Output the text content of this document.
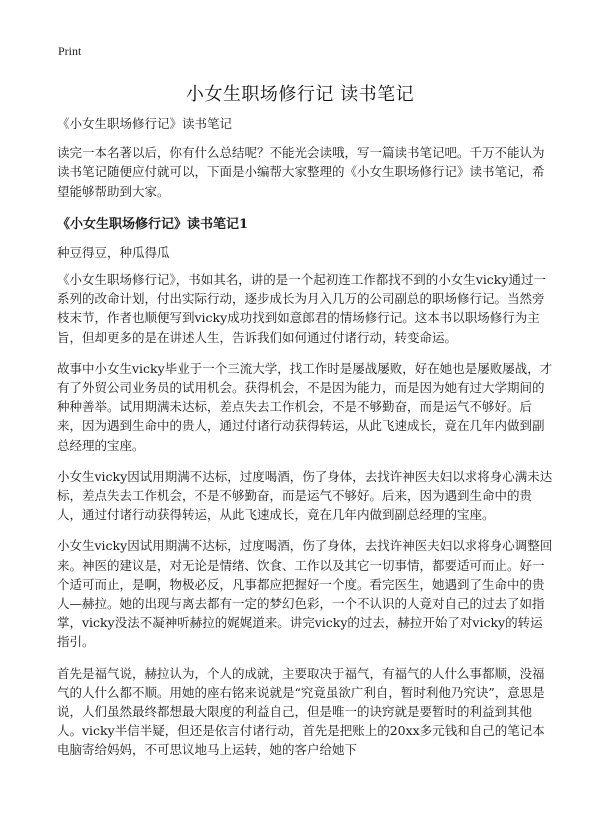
Print
小女生职场修行记 读书笔记

《小女生职场修行记》读书笔记

读完一本名著以后，你有什么总结呢？不能光会读哦，写一篇读书笔记吧。千万不能认为读书笔记随便应付就可以，下面是小编帮大家整理的《小女生职场修行记》读书笔记，希望能够帮助到大家。

《小女生职场修行记》读书笔记1

种豆得豆，种瓜得瓜

《小女生职场修行记》，书如其名，讲的是一个起初连工作都找不到的小女生vicky通过一系列的改命计划，付出实际行动，逐步成长为月入几万的公司副总的职场修行记。当然旁枝末节，作者也顺便写到vicky成功找到如意郎君的情场修行记。这本书以职场修行为主旨，但却更多的是在讲述人生，告诉我们如何通过付诸行动，转变命运。

故事中小女生vicky毕业于一个三流大学，找工作时是屡战屡败，好在她也是屡败屡战，才有了外贸公司业务员的试用机会。获得机会，不是因为能力，而是因为她有过大学期间的种种善举。试用期满未达标，差点失去工作机会，不是不够勤奋，而是运气不够好。后来，因为遇到生命中的贵人，通过付诸行动获得转运，从此飞速成长，竟在几年内做到副总经理的宝座。

小女生vicky因试用期满不达标，过度喝酒，伤了身体，去找许神医夫妇以求将身心满未达标，差点失去工作机会，不是不够勤奋，而是运气不够好。后来，因为遇到生命中的贵人，通过付诸行动获得转运，从此飞速成长，竟在几年内做到副总经理的宝座。

小女生vicky因试用期满不达标，过度喝酒，伤了身体，去找许神医夫妇以求将身心调整回来。神医的建议是，对无论是情绪、饮食、工作以及其它一切事情，都要适可而止。好一个适可而止，是啊，物极必反，凡事都应把握好一个度。看完医生，她遇到了生命中的贵人—赫拉。她的出现与离去都有一定的梦幻色彩，一个不认识的人竟对自己的过去了如指掌，vicky没法不凝神听赫拉的娓娓道来。讲完vicky的过去，赫拉开始了对vicky的转运指引。

首先是福气说，赫拉认为，个人的成就，主要取决于福气，有福气的人什么事都顺，没福气的人什么都不顺。用她的座右铭来说就是“究竟虽欲广利自，暂时利他乃究诀”，意思是说，人们虽然最终都想最大限度的利益自己，但是唯一的诀窍就是要暂时的利益到其他人。vicky半信半疑，但还是依言付诸行动，首先是把账上的20xx多元钱和自己的笔记本电脑寄给妈妈，不可思议地马上运转，她的客户给她下
